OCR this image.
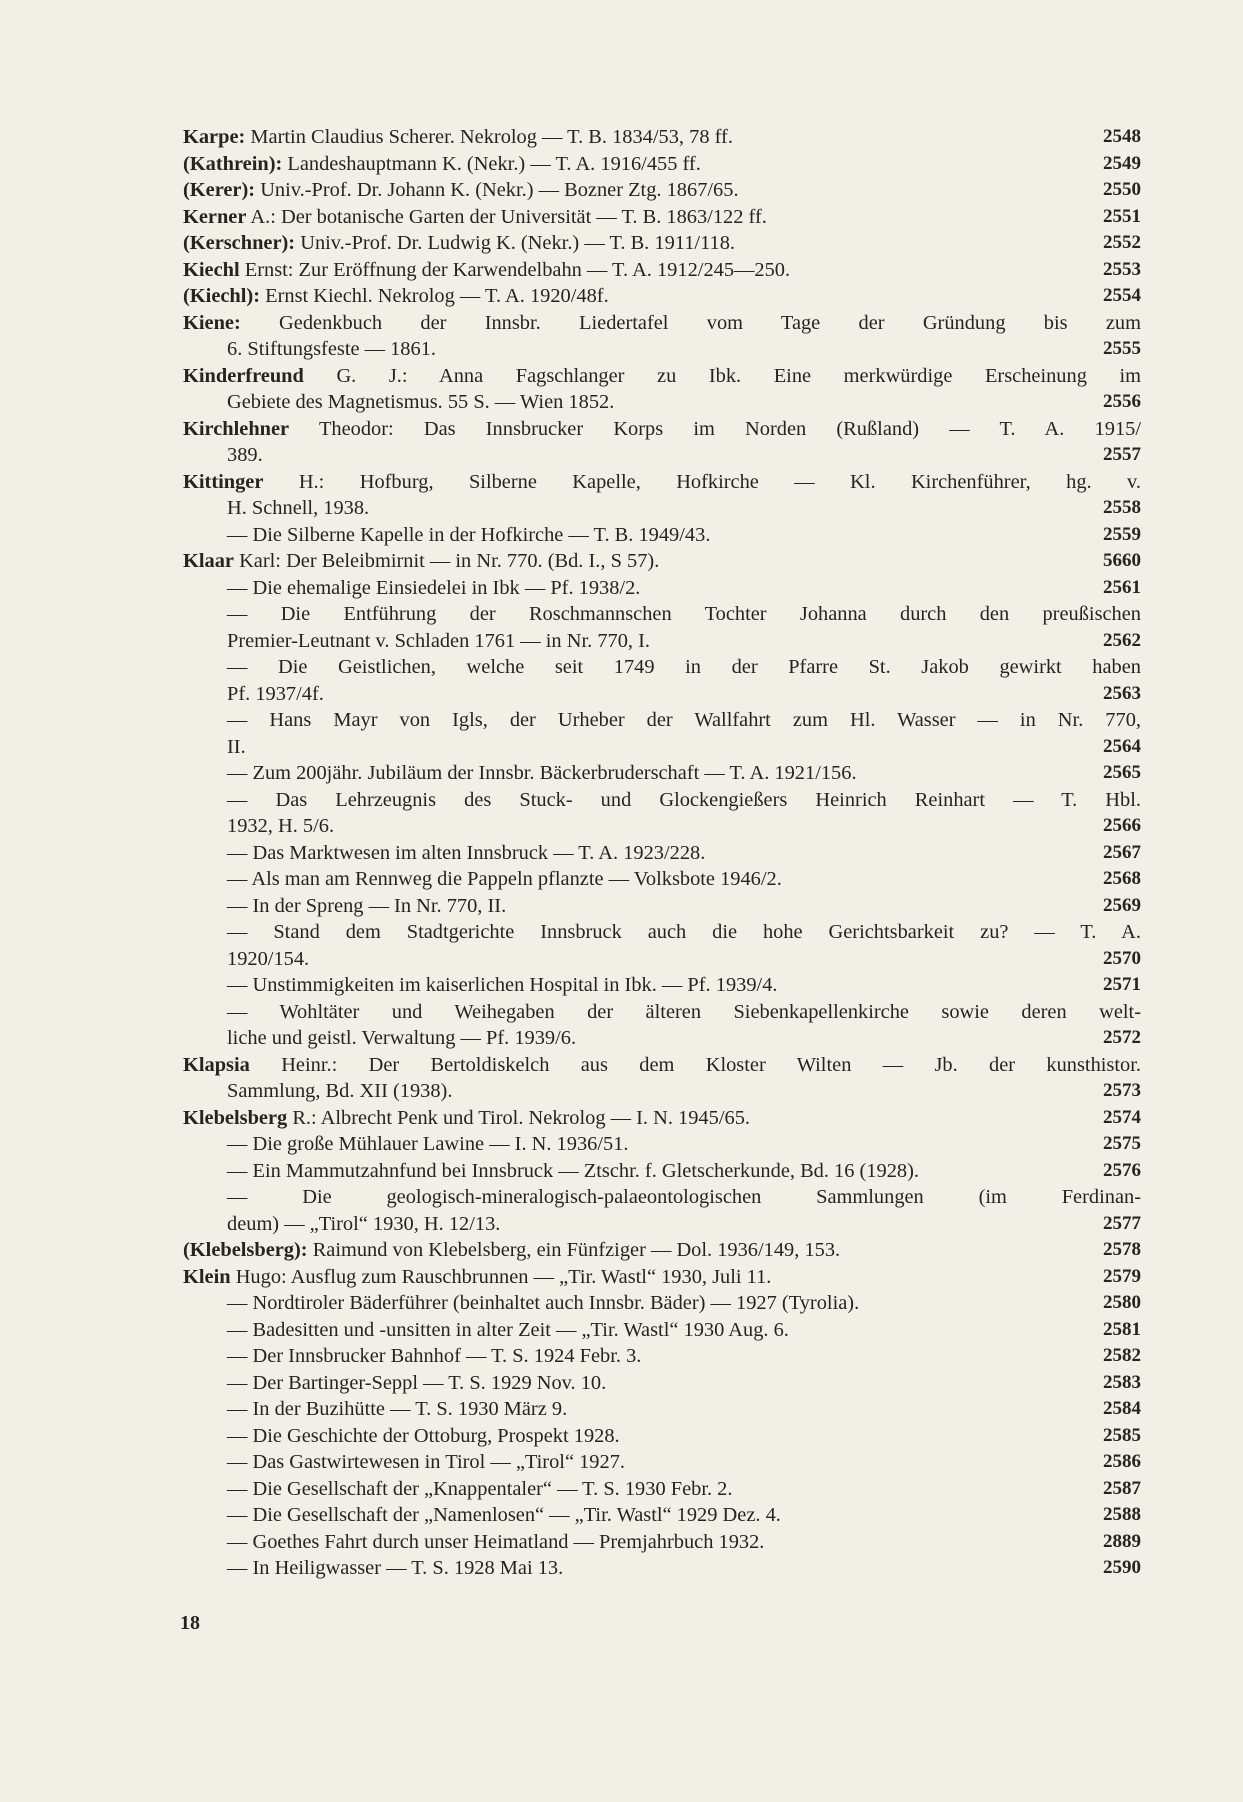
Karpe: Martin Claudius Scherer. Nekrolog — T. B. 1834/53, 78 ff.	2548
(Kathrein): Landeshauptmann K. (Nekr.) — T. A. 1916/455 ff.	2549
(Kerer): Univ.-Prof. Dr. Johann K. (Nekr.) — Bozner Ztg. 1867/65.	2550
Kerner A.: Der botanische Garten der Universität — T. B. 1863/122 ff.	2551
(Kerschner): Univ.-Prof. Dr. Ludwig K. (Nekr.) — T. B. 1911/118.	2552
Kiechl Ernst: Zur Eröffnung der Karwendelbahn — T. A. 1912/245—250.	2553
(Kiechl): Ernst Kiechl. Nekrolog — T. A. 1920/48f.	2554
Kiene: Gedenkbuch der Innsbr. Liedertafel vom Tage der Gründung bis zum
6. Stiftungsfeste — 1861.	2555
Kinderfreund G. J.: Anna Fagschlanger zu Ibk. Eine merkwürdige Erscheinung im
Gebiete des Magnetismus. 55 S. — Wien 1852.	2556
Kirchlehner Theodor: Das Innsbrucker Korps im Norden (Rußland) — T. A. 1915/
389.	2557
Kittinger H.: Hofburg, Silberne Kapelle, Hofkirche — Kl. Kirchenführer, hg. v.
H. Schnell, 1938.	2558
— Die Silberne Kapelle in der Hofkirche — T. B. 1949/43.	2559
Klaar Karl: Der Beleibmirnit — in Nr. 770. (Bd. I., S 57).	5660
— Die ehemalige Einsiedelei in Ibk — Pf. 1938/2.	2561
— Die Entführung der Roschmannschen Tochter Johanna durch den preußischen
Premier-Leutnant v. Schladen 1761 — in Nr. 770, I.	2562
— Die Geistlichen, welche seit 1749 in der Pfarre St. Jakob gewirkt haben
Pf. 1937/4f.	2563
— Hans Mayr von Igls, der Urheber der Wallfahrt zum Hl. Wasser — in Nr. 770,
II.	2564
— Zum 200jähr. Jubiläum der Innsbr. Bäckerbruderschaft — T. A. 1921/156.	2565
— Das Lehrzeugnis des Stuck- und Glockengießers Heinrich Reinhart — T. Hbl.
1932, H. 5/6.	2566
— Das Marktwesen im alten Innsbruck — T. A. 1923/228.	2567
— Als man am Rennweg die Pappeln pflanzte — Volksbote 1946/2.	2568
— In der Spreng — In Nr. 770, II.	2569
— Stand dem Stadtgerichte Innsbruck auch die hohe Gerichtsbarkeit zu? — T. A.
1920/154.	2570
— Unstimmigkeiten im kaiserlichen Hospital in Ibk. — Pf. 1939/4.	2571
— Wohltäter und Weihegaben der älteren Siebenkapellenkirche sowie deren welt-
liche und geistl. Verwaltung — Pf. 1939/6.	2572
Klapsia Heinr.: Der Bertoldiskelch aus dem Kloster Wilten — Jb. der kunsthistor.
Sammlung, Bd. XII (1938).	2573
Klebelsberg R.: Albrecht Penk und Tirol. Nekrolog — I. N. 1945/65.	2574
— Die große Mühlauer Lawine — I. N. 1936/51.	2575
— Ein Mammutzahnfund bei Innsbruck — Ztschr. f. Gletscherkunde, Bd. 16 (1928).	2576
— Die geologisch-mineralogisch-palaeontologischen Sammlungen (im Ferdinan-
deum) — „Tirol“ 1930, H. 12/13.	2577
(Klebelsberg): Raimund von Klebelsberg, ein Fünfziger — Dol. 1936/149, 153.	2578
Klein Hugo: Ausflug zum Rauschbrunnen — „Tir. Wastl“ 1930, Juli 11.	2579
— Nordtiroler Bäderführer (beinhaltet auch Innsbr. Bäder) — 1927 (Tyrolia).	2580
— Badesitten und -unsitten in alter Zeit — „Tir. Wastl“ 1930 Aug. 6.	2581
— Der Innsbrucker Bahnhof — T. S. 1924 Febr. 3.	2582
— Der Bartinger-Seppl — T. S. 1929 Nov. 10.	2583
— In der Buzihütte — T. S. 1930 März 9.	2584
— Die Geschichte der Ottoburg, Prospekt 1928.	2585
— Das Gastwirtewesen in Tirol — „Tirol“ 1927.	2586
— Die Gesellschaft der „Knappentaler“ — T. S. 1930 Febr. 2.	2587
— Die Gesellschaft der „Namenlosen“ — „Tir. Wastl“ 1929 Dez. 4.	2588
— Goethes Fahrt durch unser Heimatland — Premjahrbuch 1932.	2889
— In Heiligwasser — T. S. 1928 Mai 13.	2590
18
